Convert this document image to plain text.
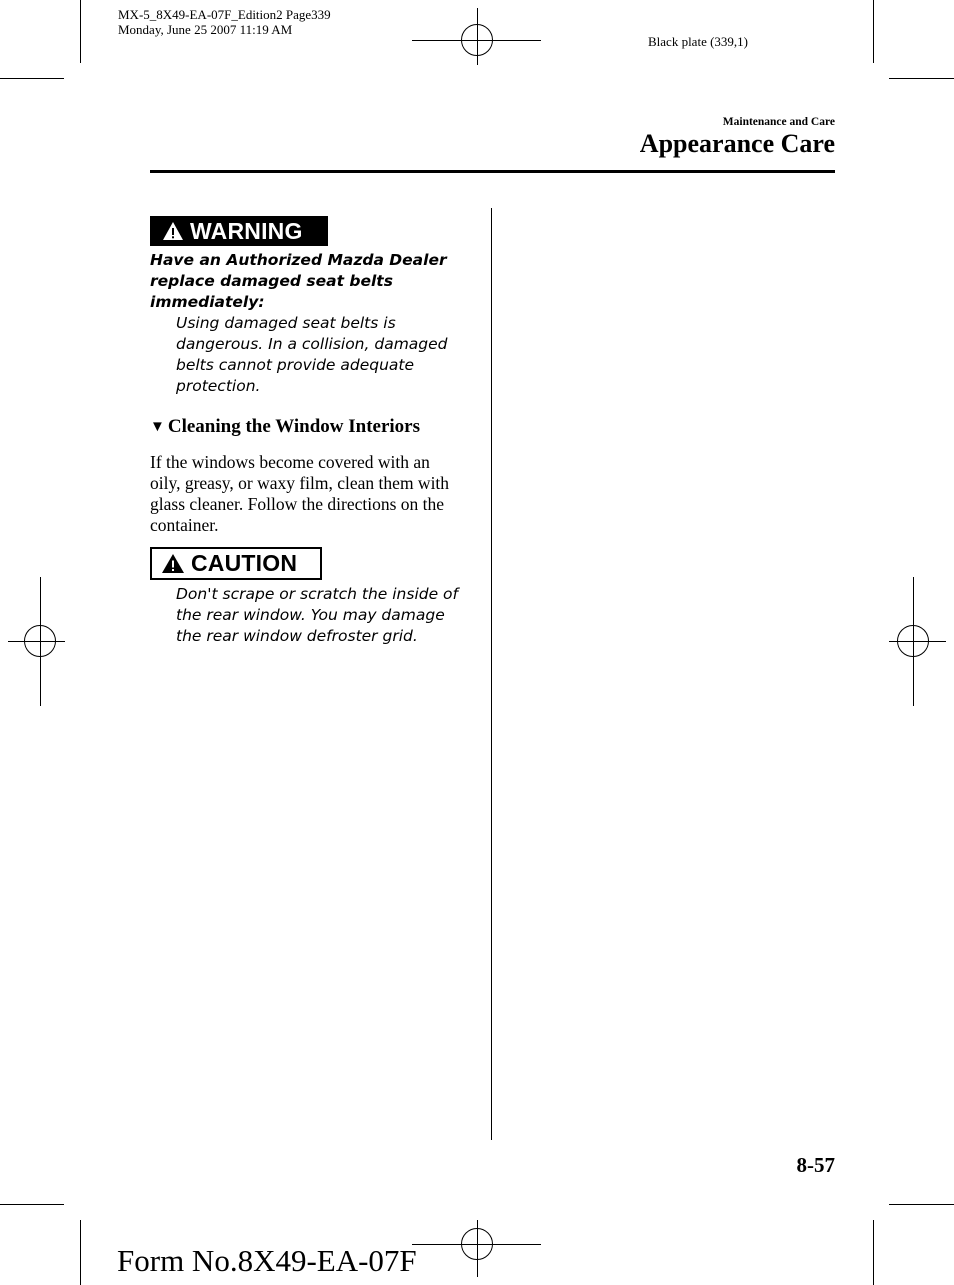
MX-5_8X49-EA-07F_Edition2 Page339
Monday, June 25 2007 11:19 AM
Black plate (339,1)
Maintenance and Care
Appearance Care
WARNING
Have an Authorized Mazda Dealer replace damaged seat belts immediately:
Using damaged seat belts is dangerous. In a collision, damaged belts cannot provide adequate protection.
▼ Cleaning the Window Interiors
If the windows become covered with an oily, greasy, or waxy film, clean them with glass cleaner. Follow the directions on the container.
CAUTION
Don't scrape or scratch the inside of the rear window. You may damage the rear window defroster grid.
8-57
Form No.8X49-EA-07F
